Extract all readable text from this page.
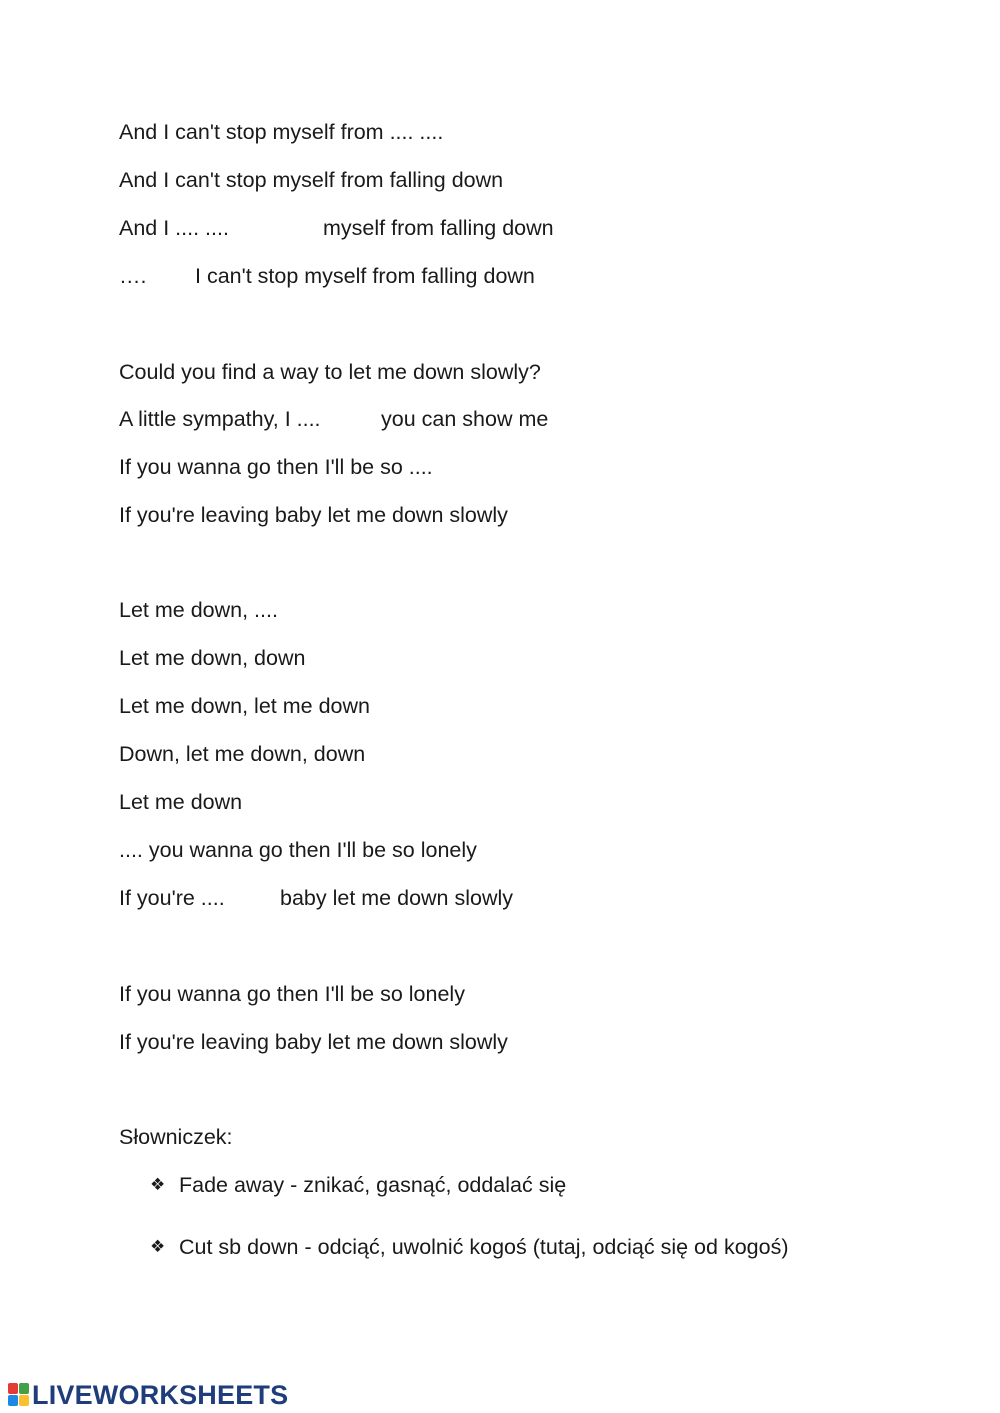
And I can't stop myself from .... ....
And I can't stop myself from falling down

And I .... ....

	myself from falling down

….

I can't stop myself from falling down

Could you find a way to let me down slowly?

A little sympathy, I ....

	you can show me

If you wanna go then I'll be so ....
If you're leaving baby let me down slowly
Let me down, ....
Let me down, down
Let me down, let me down
Down, let me down, down
Let me down
.... you wanna go then I'll be so lonely

If you're ....

	baby let me down slowly

If you wanna go then I'll be so lonely
If you're leaving baby let me down slowly
Słowniczek:

❖

Fade away - znikać, gasnąć, oddalać się

❖

Cut sb down - odciąć, uwolnić kogoś (tutaj, odciąć się od kogoś)

LIVEWORKSHEETS
